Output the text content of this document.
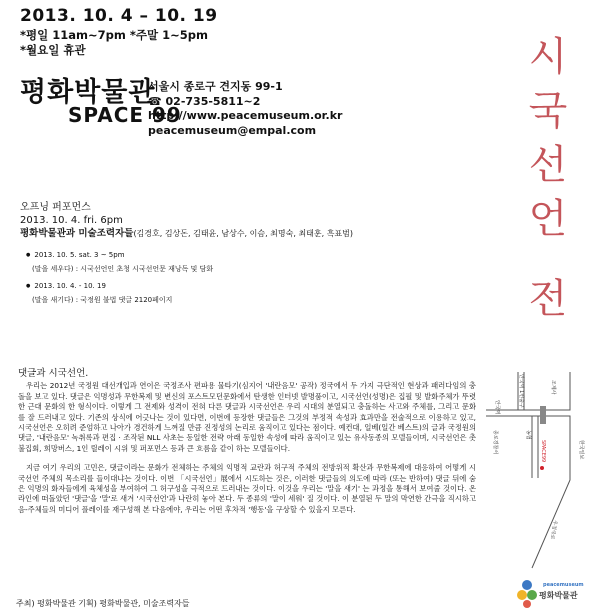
2013. 10. 4 – 10. 19
*평일 11am~7pm *주말 1~5pm
*월요일 휴관
평화박물관
SPACE 99
서울시 종로구 견지동 99-1
☎ 02-735-5811~2
http://www.peacemuseum.or.kr
peacemuseum@empal.com
시
국
선
언
전
오프닝 퍼포먼스
2013. 10. 4. fri. 6pm
평화박물관과 미술조력자들(김경호, 김상돈, 김태윤, 남상수, 이슴, 최명숙, 최태훈, 흑표범)
● 2013. 10. 5. sat. 3 ~ 5pm
(말을 세우다) : 시국선언인 초청 시국선언문 재낭독 및 담화
● 2013. 10. 4. - 10. 19
(말을 새기다) : 국정원 불법 댓글 2120페이지
댓글과 시국선언.

우리는 2012년 국정원 대선개입과 연이은 국정조사 편파용 물타기(심지어 '내란음모' 공작) 정국에서 두 가지 극단적인 현상과 패러다임의 충돌을 보고 있다. 댓글은 익명성과 무한복제 및 변신의 포스트모던문화에서 탄생한 인터넷 발명품이고, 시국선언(성명)은 집필 및 발화주체가 뚜렷한 근대 문화의 한 형식이다. 이렇게 그 전제와 성격이 전혀 다른 댓글과 시국선언은 우리 시대의 분열되고 충돌하는 사고와 주체를, 그리고 문화를 잘 드러내고 있다. 기존의 상식에 어긋나는 것이 있다면, 이번에 등장한 댓글들은 그것의 부정적 속성과 효과만을 전술적으로 이용하고 있고, 시국선언은 오히려 준엄하고 나아가 경건하게 느껴질 만큼 진정성의 논리로 움직이고 있다는 점이다. 예컨대, 일베(일간 베스트)의 글과 국정원의 댓글, '내란음모' 녹취록과 편집 · 조작된 NLL 사초는 동일한 전략 아래 동일한 속성에 따라 움직이고 있는 유사동종의 모델들이며, 시국선언은 촛불집회, 희망버스, 1인 릴레이 시위 및 퍼포먼스 등과 큰 흐름을 같이 하는 모델들이다.

지금 여기 우리의 고민은, 댓글이라는 문화가 전체하는 주체의 익명적 교란과 허구적 주체의 전방위적 확산과 무한복제에 대응하여 어떻게 시국선언 주체의 목소리를 들이대냐는 것이다. 이번 「시국선언」展에서 시도하는 것은, 이러한 댓글들의 의도에 따라 (또는 반하여) 댓글 뒤에 숨은 익명의 화자들에게 육체성을 부여하여 그 허구성을 극적으로 드러내는 것이다. 이것을 우리는 '말을 새기' 는 과정을 통해서 보여줄 것이다. 온라인에 떠돌았던 '댓글'을 '말'로 새겨 '시국선언'과 나란히 놓아 본다. 두 종류의 '말이 세워' 질 것이다. 이 분열된 두 말의 막연한 간극을 직시하고 음-주체들의 미디어 플레이를 재구성해 본 다음에야, 우리는 어떤 후차적 '행동'을 구상할 수 있을지 모른다.

주최) 평화박물관 기획) 평화박물관, 미술조력자들
안국역	안국역 1번출구	조계사
종로경찰서	SPACE99
우정국로
농협
한국일보
peacemuseum
평화박물관
